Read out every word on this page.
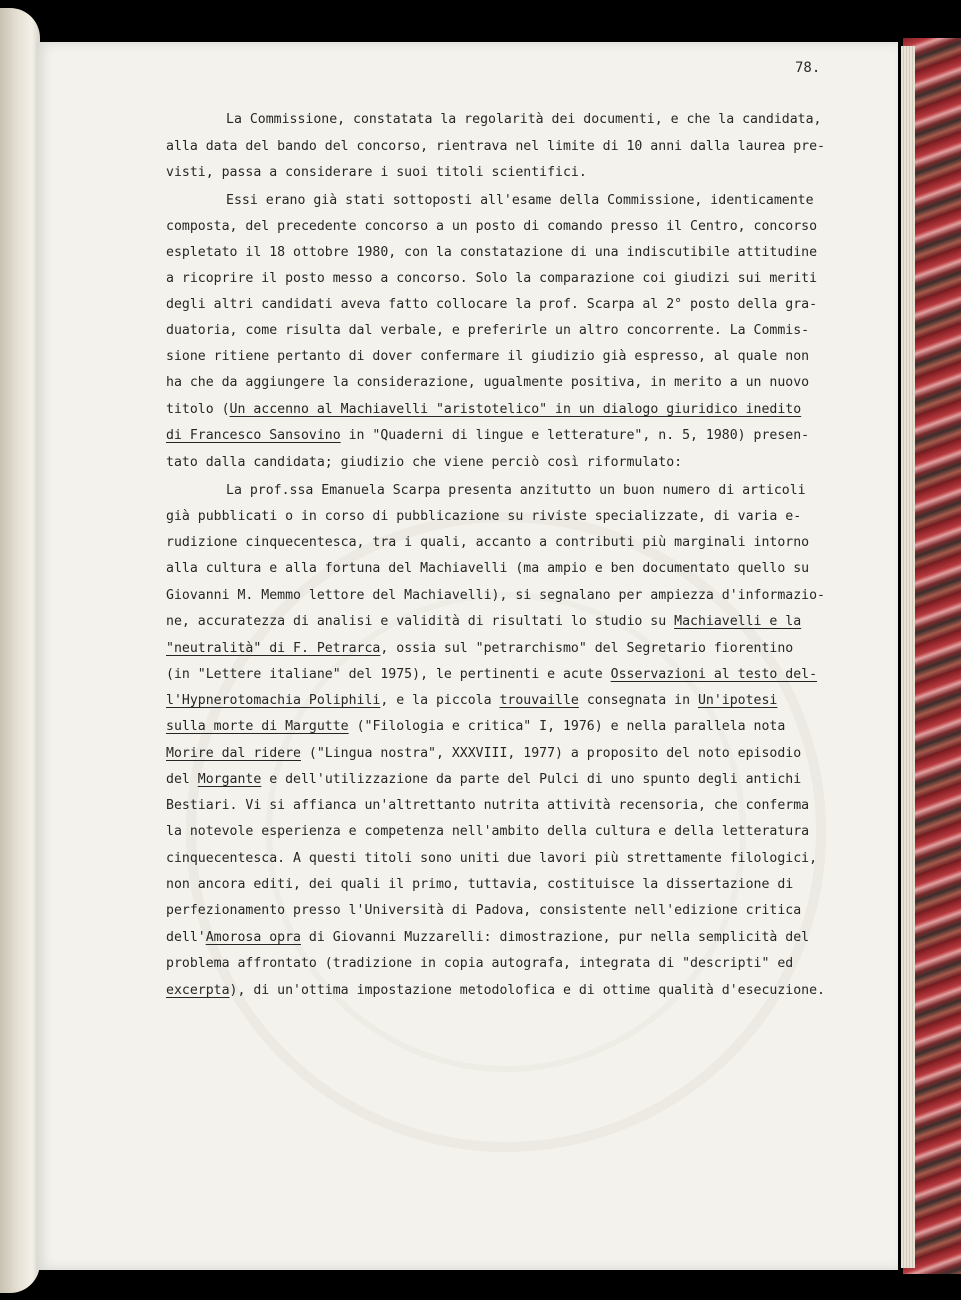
78.
La Commissione, constatata la regolarità dei documenti, e che la candidata,
alla data del bando del concorso, rientrava nel limite di 10 anni dalla laurea pre-
visti, passa a considerare i suoi titoli scientifici.
Essi erano già stati sottoposti all'esame della Commissione, identicamente
composta, del precedente concorso a un posto di comando presso il Centro, concorso
espletato il 18 ottobre 1980, con la constatazione di una indiscutibile attitudine
a ricoprire il posto messo a concorso. Solo la comparazione coi giudizi sui meriti
degli altri candidati aveva fatto collocare la prof. Scarpa al 2° posto della gra-
duatoria, come risulta dal verbale, e preferirle un altro concorrente. La Commis-
sione ritiene pertanto di dover confermare il giudizio già espresso, al quale non
ha che da aggiungere la considerazione, ugualmente positiva, in merito a un nuovo
titolo (Un accenno al Machiavelli "aristotelico" in un dialogo giuridico inedito
di Francesco Sansovino in "Quaderni di lingue e letterature", n. 5, 1980) presen-
tato dalla candidata; giudizio che viene perciò così riformulato:
La prof.ssa Emanuela Scarpa presenta anzitutto un buon numero di articoli
già pubblicati o in corso di pubblicazione su riviste specializzate, di varia e-
rudizione cinquecentesca, tra i quali, accanto a contributi più marginali intorno
alla cultura e alla fortuna del Machiavelli (ma ampio e ben documentato quello su
Giovanni M. Memmo lettore del Machiavelli), si segnalano per ampiezza d'informazio-
ne, accuratezza di analisi e validità di risultati lo studio su Machiavelli e la
"neutralità" di F. Petrarca, ossia sul "petrarchismo" del Segretario fiorentino
(in "Lettere italiane" del 1975), le pertinenti e acute Osservazioni al testo del-
l'Hypnerotomachia Poliphili, e la piccola trouvaille consegnata in Un'ipotesi
sulla morte di Margutte ("Filologia e critica" I, 1976) e nella parallela nota
Morire dal ridere ("Lingua nostra", XXXVIII, 1977) a proposito del noto episodio
del Morgante e dell'utilizzazione da parte del Pulci di uno spunto degli antichi
Bestiari. Vi si affianca un'altrettanto nutrita attività recensoria, che conferma
la notevole esperienza e competenza nell'ambito della cultura e della letteratura
cinquecentesca. A questi titoli sono uniti due lavori più strettamente filologici,
non ancora editi, dei quali il primo, tuttavia, costituisce la dissertazione di
perfezionamento presso l'Università di Padova, consistente nell'edizione critica
dell'Amorosa opra di Giovanni Muzzarelli: dimostrazione, pur nella semplicità del
problema affrontato (tradizione in copia autografa, integrata di "descripti" ed
excerpta), di un'ottima impostazione metodolofica e di ottime qualità d'esecuzione.
